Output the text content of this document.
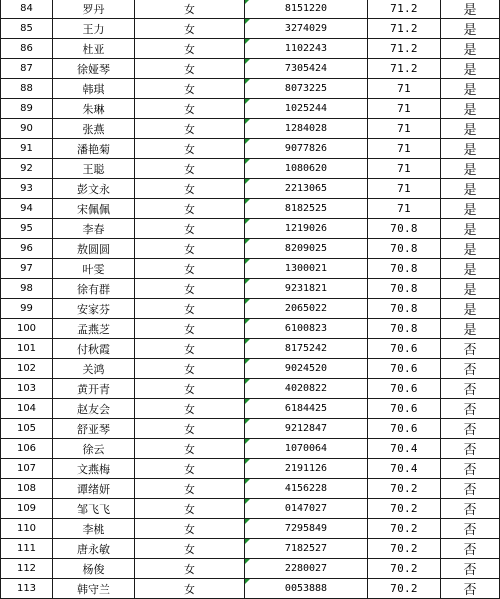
84	罗丹	女	8151220	71.2	是
85	王力	女	3274029	71.2	是
86	杜亚	女	1102243	71.2	是
87	徐娅琴	女	7305424	71.2	是
88	韩琪	女	8073225	71	是
89	朱琳	女	1025244	71	是
90	张燕	女	1284028	71	是
91	潘艳菊	女	9077826	71	是
92	王聪	女	1080620	71	是
93	彭文永	女	2213065	71	是
94	宋佩佩	女	8182525	71	是
95	李春	女	1219026	70.8	是
96	敖圆圆	女	8209025	70.8	是
97	叶雯	女	1300021	70.8	是
98	徐有群	女	9231821	70.8	是
99	安家芬	女	2065022	70.8	是
100	孟燕芝	女	6100823	70.8	是
101	付秋霞	女	8175242	70.6	否
102	关鸿	女	9024520	70.6	否
103	黄开青	女	4020822	70.6	否
104	赵友会	女	6184425	70.6	否
105	舒亚琴	女	9212847	70.6	否
106	徐云	女	1070064	70.4	否
107	文燕梅	女	2191126	70.4	否
108	谭绪妍	女	4156228	70.2	否
109	邹飞飞	女	0147027	70.2	否
110	李桃	女	7295849	70.2	否
111	唐永敏	女	7182527	70.2	否
112	杨俊	女	2280027	70.2	否
113	韩守兰	女	0053888	70.2	否
